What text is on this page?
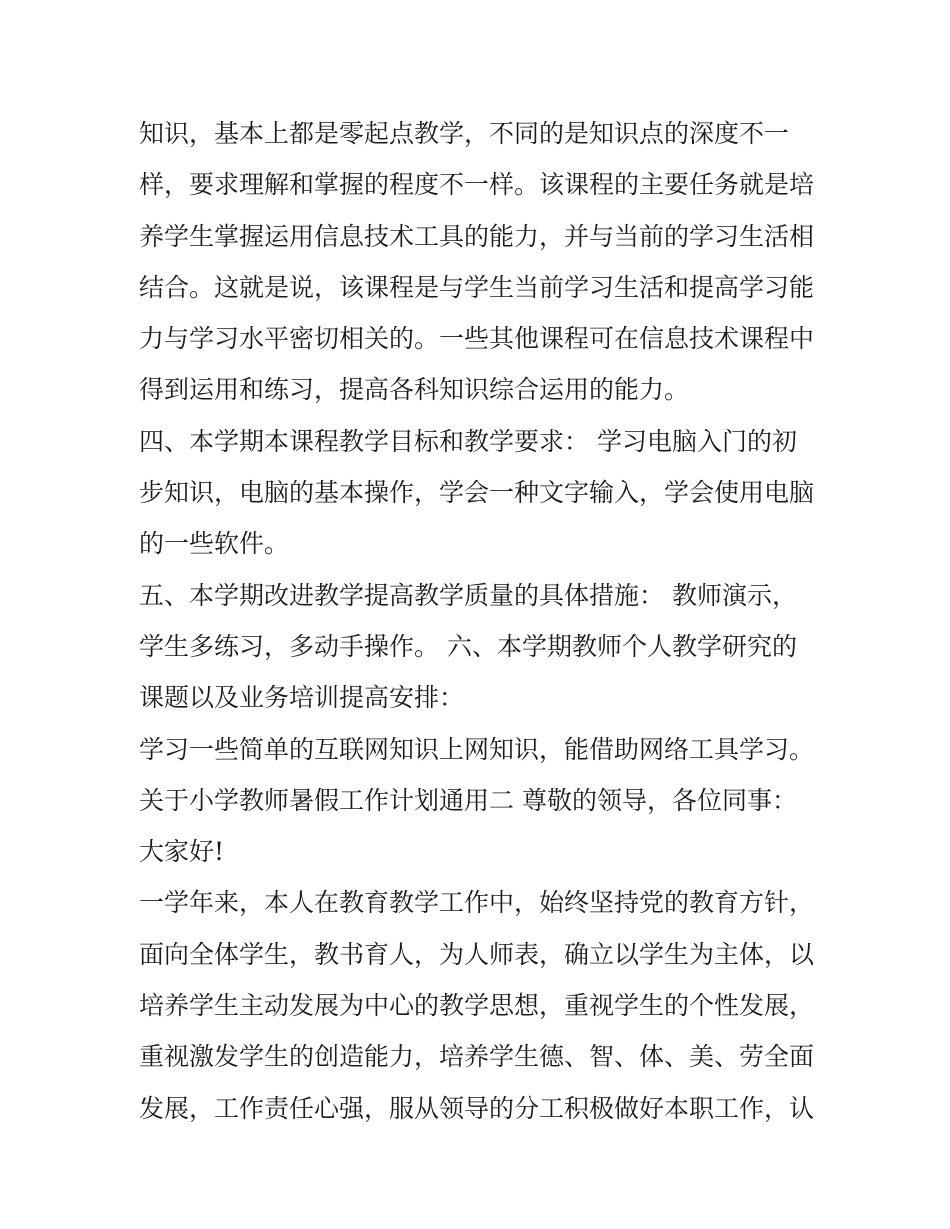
知识，基本上都是零起点教学，不同的是知识点的深度不一
样，要求理解和掌握的程度不一样。该课程的主要任务就是培
养学生掌握运用信息技术工具的能力，并与当前的学习生活相
结合。这就是说，该课程是与学生当前学习生活和提高学习能
力与学习水平密切相关的。一些其他课程可在信息技术课程中
得到运用和练习，提高各科知识综合运用的能力。
四、本学期本课程教学目标和教学要求： 学习电脑入门的初
步知识，电脑的基本操作，学会一种文字输入，学会使用电脑
的一些软件。
五、本学期改进教学提高教学质量的具体措施： 教师演示，
学生多练习，多动手操作。 六、本学期教师个人教学研究的
课题以及业务培训提高安排：
学习一些简单的互联网知识上网知识，能借助网络工具学习。
关于小学教师暑假工作计划通用二 尊敬的领导，各位同事：
大家好!
一学年来，本人在教育教学工作中，始终坚持党的教育方针，
面向全体学生，教书育人，为人师表，确立以学生为主体，以
培养学生主动发展为中心的教学思想，重视学生的个性发展，
重视激发学生的创造能力，培养学生德、智、体、美、劳全面
发展，工作责任心强，服从领导的分工积极做好本职工作，认
